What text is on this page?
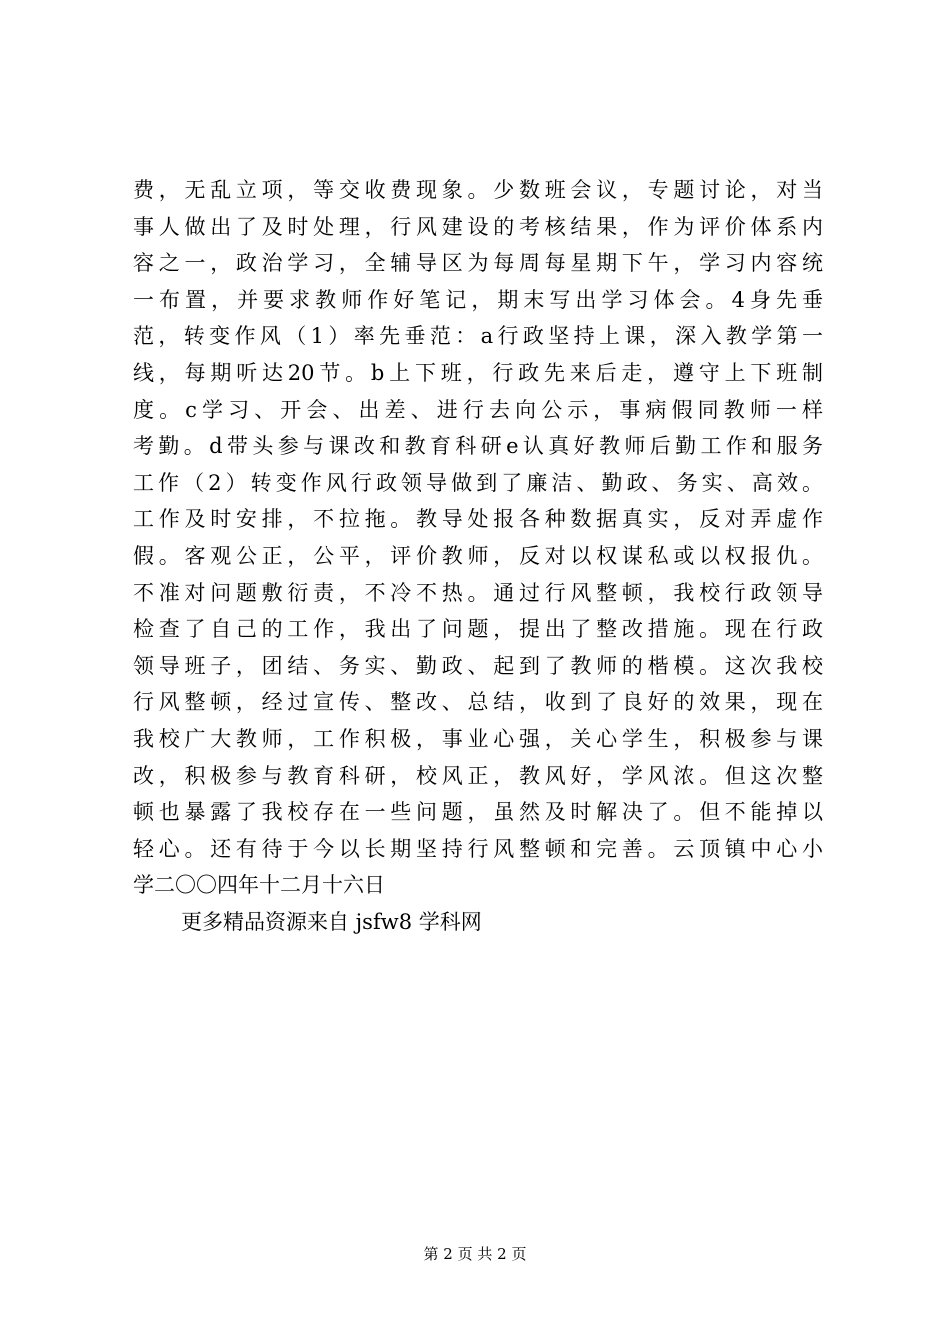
费，无乱立项，等交收费现象。少数班会议，专题讨论，对当
事人做出了及时处理，行风建设的考核结果，作为评价体系内
容之一，政治学习，全辅导区为每周每星期下午，学习内容统
一布置，并要求教师作好笔记，期末写出学习体会。4身先垂
范，转变作风（1）率先垂范：a行政坚持上课，深入教学第一
线，每期听达20节。b上下班，行政先来后走，遵守上下班制
度。c学习、开会、出差、进行去向公示，事病假同教师一样
考勤。d带头参与课改和教育科研e认真好教师后勤工作和服务
工作（2）转变作风行政领导做到了廉洁、勤政、务实、高效。
工作及时安排，不拉拖。教导处报各种数据真实，反对弄虚作
假。客观公正，公平，评价教师，反对以权谋私或以权报仇。
不准对问题敷衍责，不冷不热。通过行风整顿，我校行政领导
检查了自己的工作，我出了问题，提出了整改措施。现在行政
领导班子，团结、务实、勤政、起到了教师的楷模。这次我校
行风整顿，经过宣传、整改、总结，收到了良好的效果，现在
我校广大教师，工作积极，事业心强，关心学生，积极参与课
改，积极参与教育科研，校风正，教风好，学风浓。但这次整
顿也暴露了我校存在一些问题，虽然及时解决了。但不能掉以
轻心。还有待于今以长期坚持行风整顿和完善。云顶镇中心小
学二〇〇四年十二月十六日
更多精品资源来自 jsfw8 学科网
第 2 页 共 2 页
